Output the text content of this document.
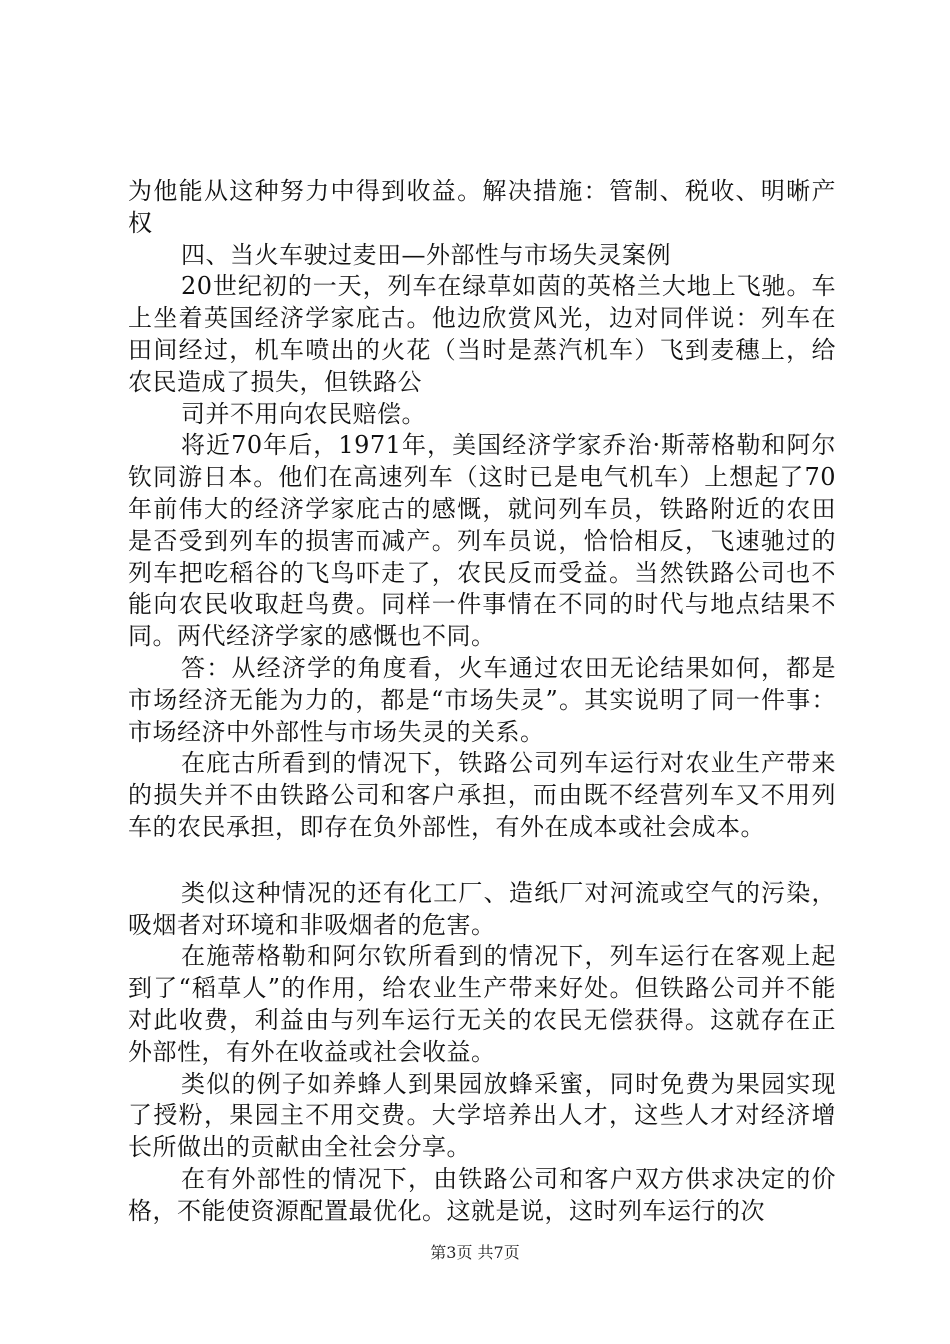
为他能从这种努力中得到收益。解决措施：管制、税收、明晰产权

四、当火车驶过麦田—外部性与市场失灵案例

20世纪初的一天，列车在绿草如茵的英格兰大地上飞驰。车上坐着英国经济学家庇古。他边欣赏风光，边对同伴说：列车在田间经过，机车喷出的火花（当时是蒸汽机车）飞到麦穗上，给农民造成了损失，但铁路公

司并不用向农民赔偿。

将近70年后，1971年，美国经济学家乔治·斯蒂格勒和阿尔钦同游日本。他们在高速列车（这时已是电气机车）上想起了70年前伟大的经济学家庇古的感慨，就问列车员，铁路附近的农田是否受到列车的损害而减产。列车员说，恰恰相反，飞速驰过的列车把吃稻谷的飞鸟吓走了，农民反而受益。当然铁路公司也不能向农民收取赶鸟费。同样一件事情在不同的时代与地点结果不同。两代经济学家的感慨也不同。

答：从经济学的角度看，火车通过农田无论结果如何，都是市场经济无能为力的，都是“市场失灵”。其实说明了同一件事：市场经济中外部性与市场失灵的关系。

在庇古所看到的情况下，铁路公司列车运行对农业生产带来的损失并不由铁路公司和客户承担，而由既不经营列车又不用列车的农民承担，即存在负外部性，有外在成本或社会成本。

类似这种情况的还有化工厂、造纸厂对河流或空气的污染，吸烟者对环境和非吸烟者的危害。

在施蒂格勒和阿尔钦所看到的情况下，列车运行在客观上起到了“稻草人”的作用，给农业生产带来好处。但铁路公司并不能对此收费，利益由与列车运行无关的农民无偿获得。这就存在正外部性，有外在收益或社会收益。

类似的例子如养蜂人到果园放蜂采蜜，同时免费为果园实现了授粉，果园主不用交费。大学培养出人才，这些人才对经济增长所做出的贡献由全社会分享。

在有外部性的情况下，由铁路公司和客户双方供求决定的价格，不能使资源配置最优化。这就是说，这时列车运行的次

第3页 共7页
